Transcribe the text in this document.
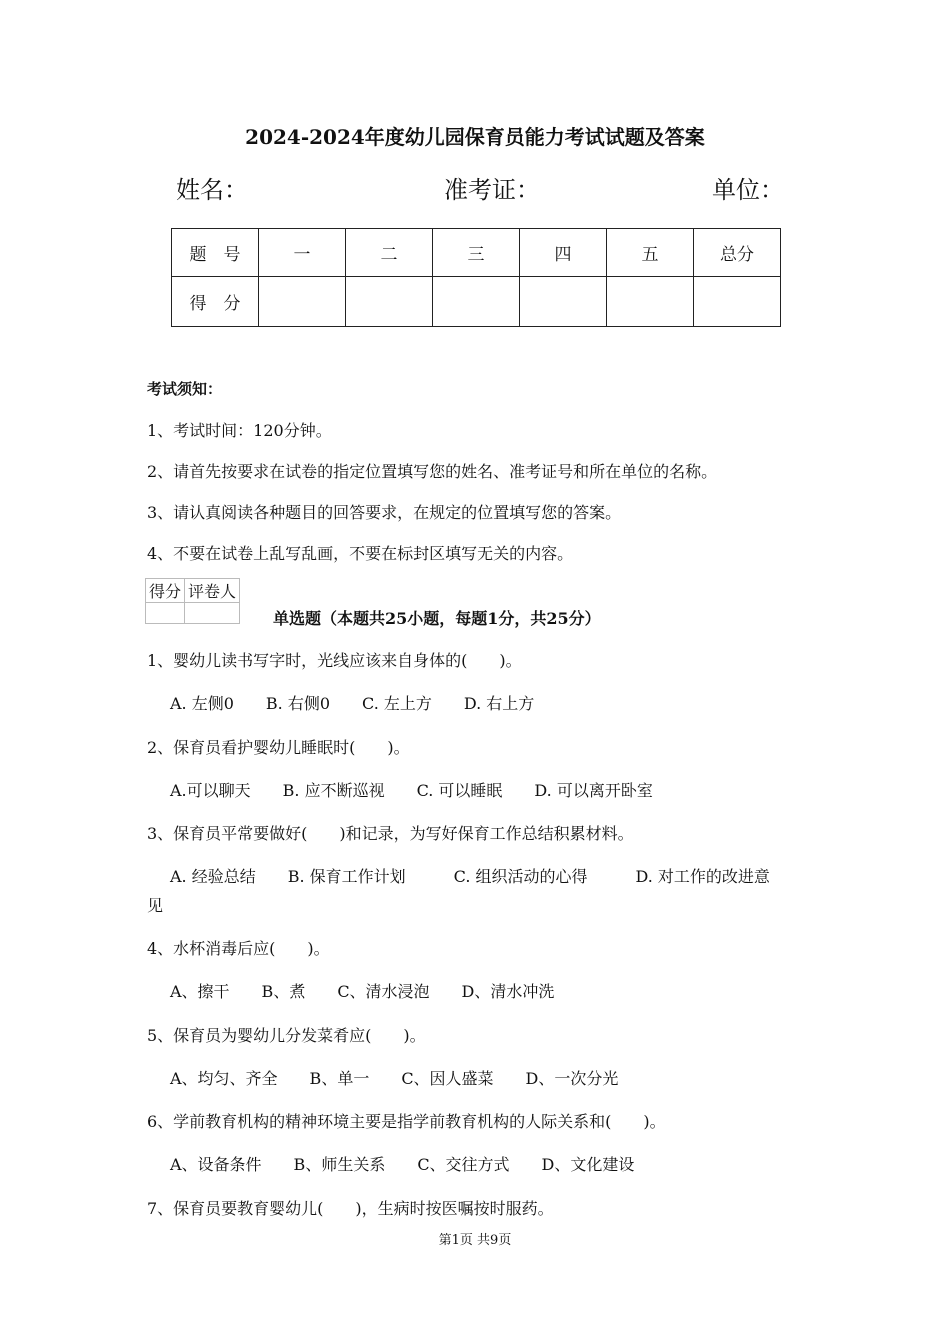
2024-2024年度幼儿园保育员能力考试试题及答案
姓名：	准考证：	单位：
题　号	一	二	三	四	五	总分
得　分						
考试须知：
1、考试时间：120分钟。
2、请首先按要求在试卷的指定位置填写您的姓名、准考证号和所在单位的名称。
3、请认真阅读各种题目的回答要求，在规定的位置填写您的答案。
4、不要在试卷上乱写乱画，不要在标封区填写无关的内容。
得分	评卷人

单选题（本题共25小题，每题1分，共25分）
1、婴幼儿读书写字时，光线应该来自身体的(　　)。
A. 左侧0　　B. 右侧0　　C. 左上方　　D. 右上方
2、保育员看护婴幼儿睡眠时(　　)。
A.可以聊天　　B. 应不断巡视　　C. 可以睡眠　　D. 可以离开卧室
3、保育员平常要做好(　　)和记录，为写好保育工作总结积累材料。
A. 经验总结　　B. 保育工作计划　　　C. 组织活动的心得　　　D. 对工作的改进意
见
4、水杯消毒后应(　　)。
A、擦干　　B、煮　　C、清水浸泡　　D、清水冲洗
5、保育员为婴幼儿分发菜肴应(　　)。
A、均匀、齐全　　B、单一　　C、因人盛菜　　D、一次分光
6、学前教育机构的精神环境主要是指学前教育机构的人际关系和(　　)。
A、设备条件　　B、师生关系　　C、交往方式　　D、文化建设
7、保育员要教育婴幼儿(　　)，生病时按医嘱按时服药。
第1页 共9页
